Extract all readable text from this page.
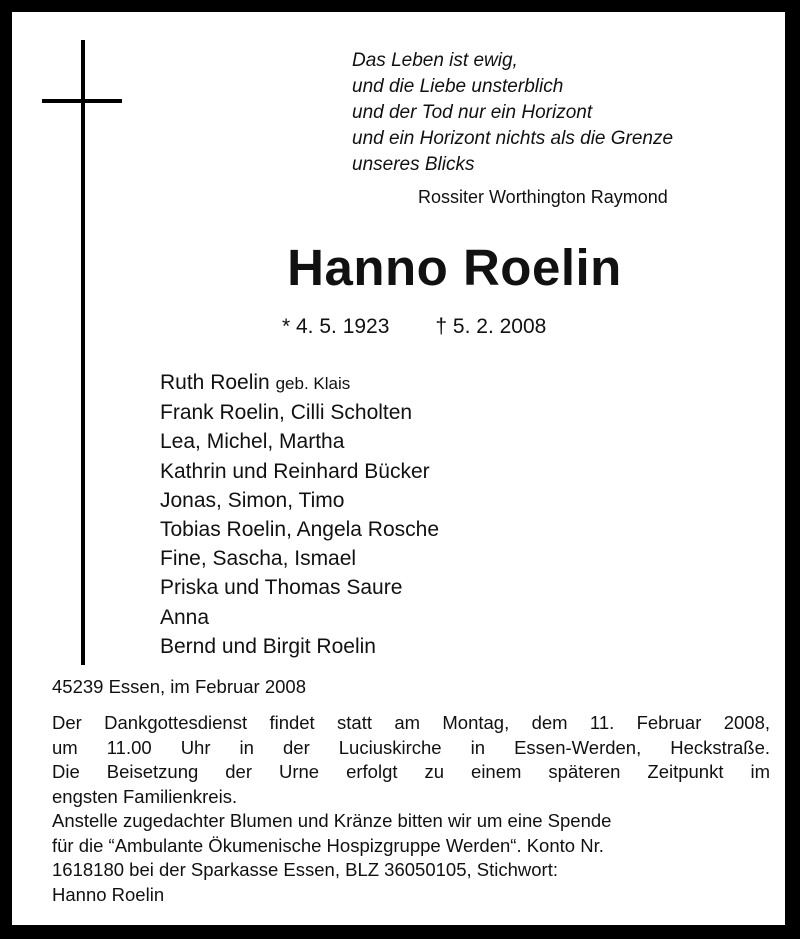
Das Leben ist ewig,
und die Liebe unsterblich
und der Tod nur ein Horizont
und ein Horizont nichts als die Grenze
unseres Blicks
Rossiter Worthington Raymond
Hanno Roelin
* 4. 5. 1923 † 5. 2. 2008
Ruth Roelin geb. Klais
Frank Roelin, Cilli Scholten
Lea, Michel, Martha
Kathrin und Reinhard Bücker
Jonas, Simon, Timo
Tobias Roelin, Angela Rosche
Fine, Sascha, Ismael
Priska und Thomas Saure
Anna
Bernd und Birgit Roelin
45239 Essen, im Februar 2008
Der Dankgottesdienst findet statt am Montag, dem 11. Februar 2008,
um 11.00 Uhr in der Luciuskirche in Essen-Werden, Heckstraße.
Die Beisetzung der Urne erfolgt zu einem späteren Zeitpunkt im
engsten Familienkreis.
Anstelle zugedachter Blumen und Kränze bitten wir um eine Spende
für die “Ambulante Ökumenische Hospizgruppe Werden“. Konto Nr.
1618180 bei der Sparkasse Essen, BLZ 36050105, Stichwort:
Hanno Roelin
